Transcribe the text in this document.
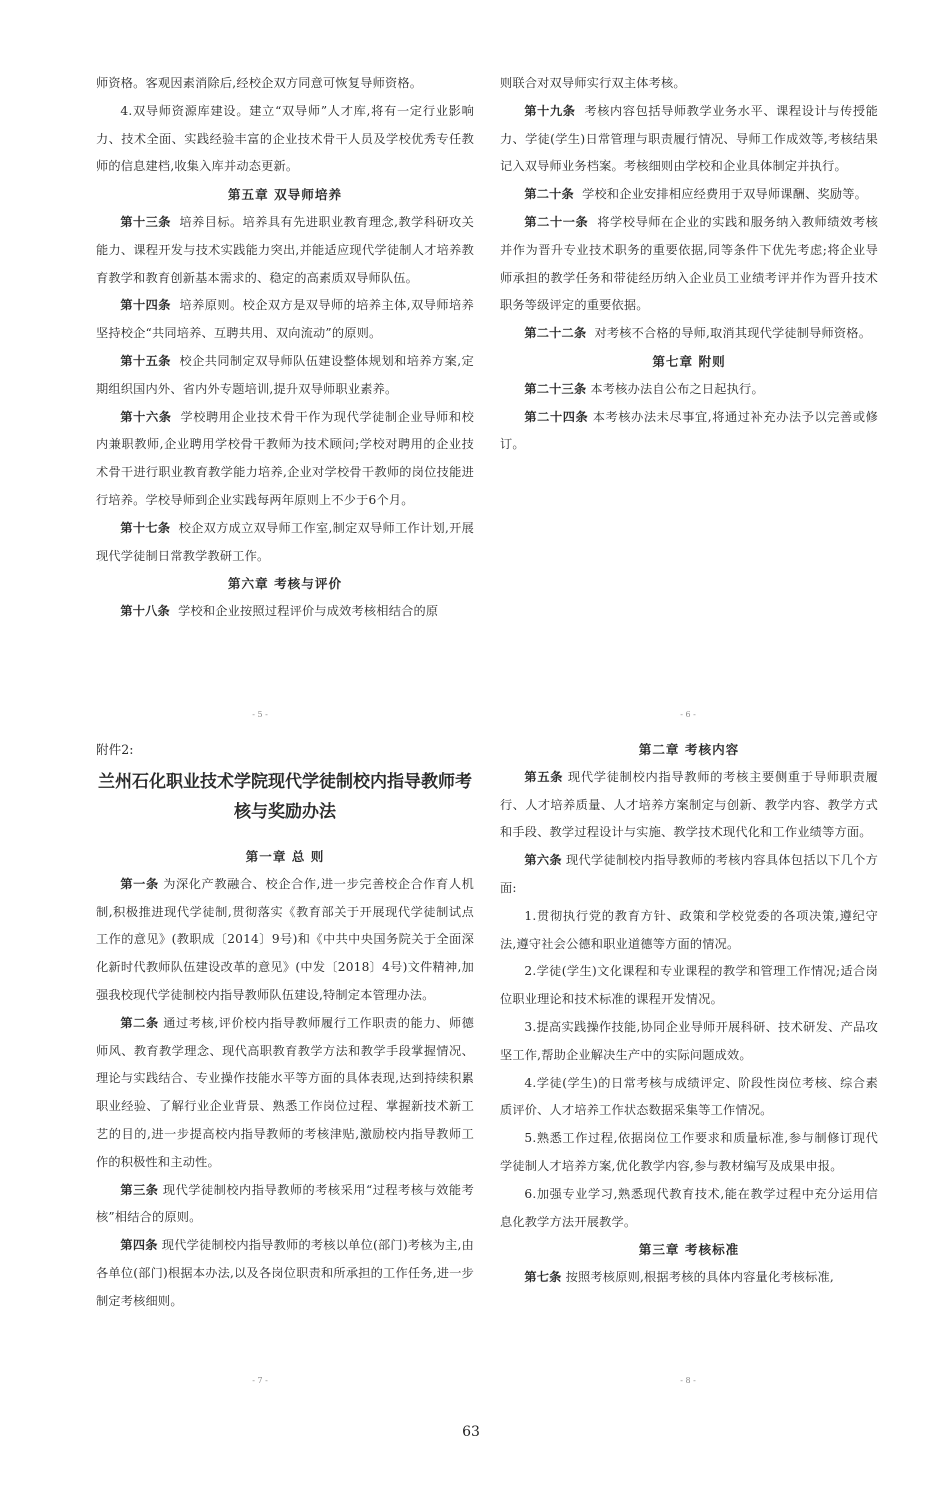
师资格。客观因素消除后,经校企双方同意可恢复导师资格。

4.双导师资源库建设。建立“双导师”人才库,将有一定行业影响力、技术全面、实践经验丰富的企业技术骨干人员及学校优秀专任教师的信息建档,收集入库并动态更新。

第五章 双导师培养

第十三条 培养目标。培养具有先进职业教育理念,教学科研攻关能力、课程开发与技术实践能力突出,并能适应现代学徒制人才培养教育教学和教育创新基本需求的、稳定的高素质双导师队伍。

第十四条 培养原则。校企双方是双导师的培养主体,双导师培养坚持校企“共同培养、互聘共用、双向流动”的原则。

第十五条 校企共同制定双导师队伍建设整体规划和培养方案,定期组织国内外、省内外专题培训,提升双导师职业素养。

第十六条 学校聘用企业技术骨干作为现代学徒制企业导师和校内兼职教师,企业聘用学校骨干教师为技术顾问;学校对聘用的企业技术骨干进行职业教育教学能力培养,企业对学校骨干教师的岗位技能进行培养。学校导师到企业实践每两年原则上不少于6个月。

第十七条 校企双方成立双导师工作室,制定双导师工作计划,开展现代学徒制日常教学教研工作。

第六章 考核与评价

第十八条 学校和企业按照过程评价与成效考核相结合的原

- 5 -

则联合对双导师实行双主体考核。

第十九条 考核内容包括导师教学业务水平、课程设计与传授能力、学徒(学生)日常管理与职责履行情况、导师工作成效等,考核结果记入双导师业务档案。考核细则由学校和企业具体制定并执行。

第二十条 学校和企业安排相应经费用于双导师课酬、奖励等。

第二十一条 将学校导师在企业的实践和服务纳入教师绩效考核并作为晋升专业技术职务的重要依据,同等条件下优先考虑;将企业导师承担的教学任务和带徒经历纳入企业员工业绩考评并作为晋升技术职务等级评定的重要依据。

第二十二条 对考核不合格的导师,取消其现代学徒制导师资格。

第七章 附则

第二十三条 本考核办法自公布之日起执行。

第二十四条 本考核办法未尽事宜,将通过补充办法予以完善或修订。

- 6 -

附件2:

兰州石化职业技术学院现代学徒制校内指导教师考核与奖励办法

第一章 总 则

第一条 为深化产教融合、校企合作,进一步完善校企合作育人机制,积极推进现代学徒制,贯彻落实《教育部关于开展现代学徒制试点工作的意见》(教职成〔2014〕9号)和《中共中央国务院关于全面深化新时代教师队伍建设改革的意见》(中发〔2018〕4号)文件精神,加强我校现代学徒制校内指导教师队伍建设,特制定本管理办法。

第二条 通过考核,评价校内指导教师履行工作职责的能力、师德师风、教育教学理念、现代高职教育教学方法和教学手段掌握情况、理论与实践结合、专业操作技能水平等方面的具体表现,达到持续积累职业经验、了解行业企业背景、熟悉工作岗位过程、掌握新技术新工艺的目的,进一步提高校内指导教师的考核津贴,激励校内指导教师工作的积极性和主动性。

第三条 现代学徒制校内指导教师的考核采用“过程考核与效能考核”相结合的原则。

第四条 现代学徒制校内指导教师的考核以单位(部门)考核为主,由各单位(部门)根据本办法,以及各岗位职责和所承担的工作任务,进一步制定考核细则。

- 7 -

第二章 考核内容

第五条 现代学徒制校内指导教师的考核主要侧重于导师职责履行、人才培养质量、人才培养方案制定与创新、教学内容、教学方式和手段、教学过程设计与实施、教学技术现代化和工作业绩等方面。

第六条 现代学徒制校内指导教师的考核内容具体包括以下几个方面:

1.贯彻执行党的教育方针、政策和学校党委的各项决策,遵纪守法,遵守社会公德和职业道德等方面的情况。

2.学徒(学生)文化课程和专业课程的教学和管理工作情况;适合岗位职业理论和技术标准的课程开发情况。

3.提高实践操作技能,协同企业导师开展科研、技术研发、产品攻坚工作,帮助企业解决生产中的实际问题成效。

4.学徒(学生)的日常考核与成绩评定、阶段性岗位考核、综合素质评价、人才培养工作状态数据采集等工作情况。

5.熟悉工作过程,依据岗位工作要求和质量标准,参与制修订现代学徒制人才培养方案,优化教学内容,参与教材编写及成果申报。

6.加强专业学习,熟悉现代教育技术,能在教学过程中充分运用信息化教学方法开展教学。

第三章 考核标准

第七条 按照考核原则,根据考核的具体内容量化考核标准,

- 8 -
63
